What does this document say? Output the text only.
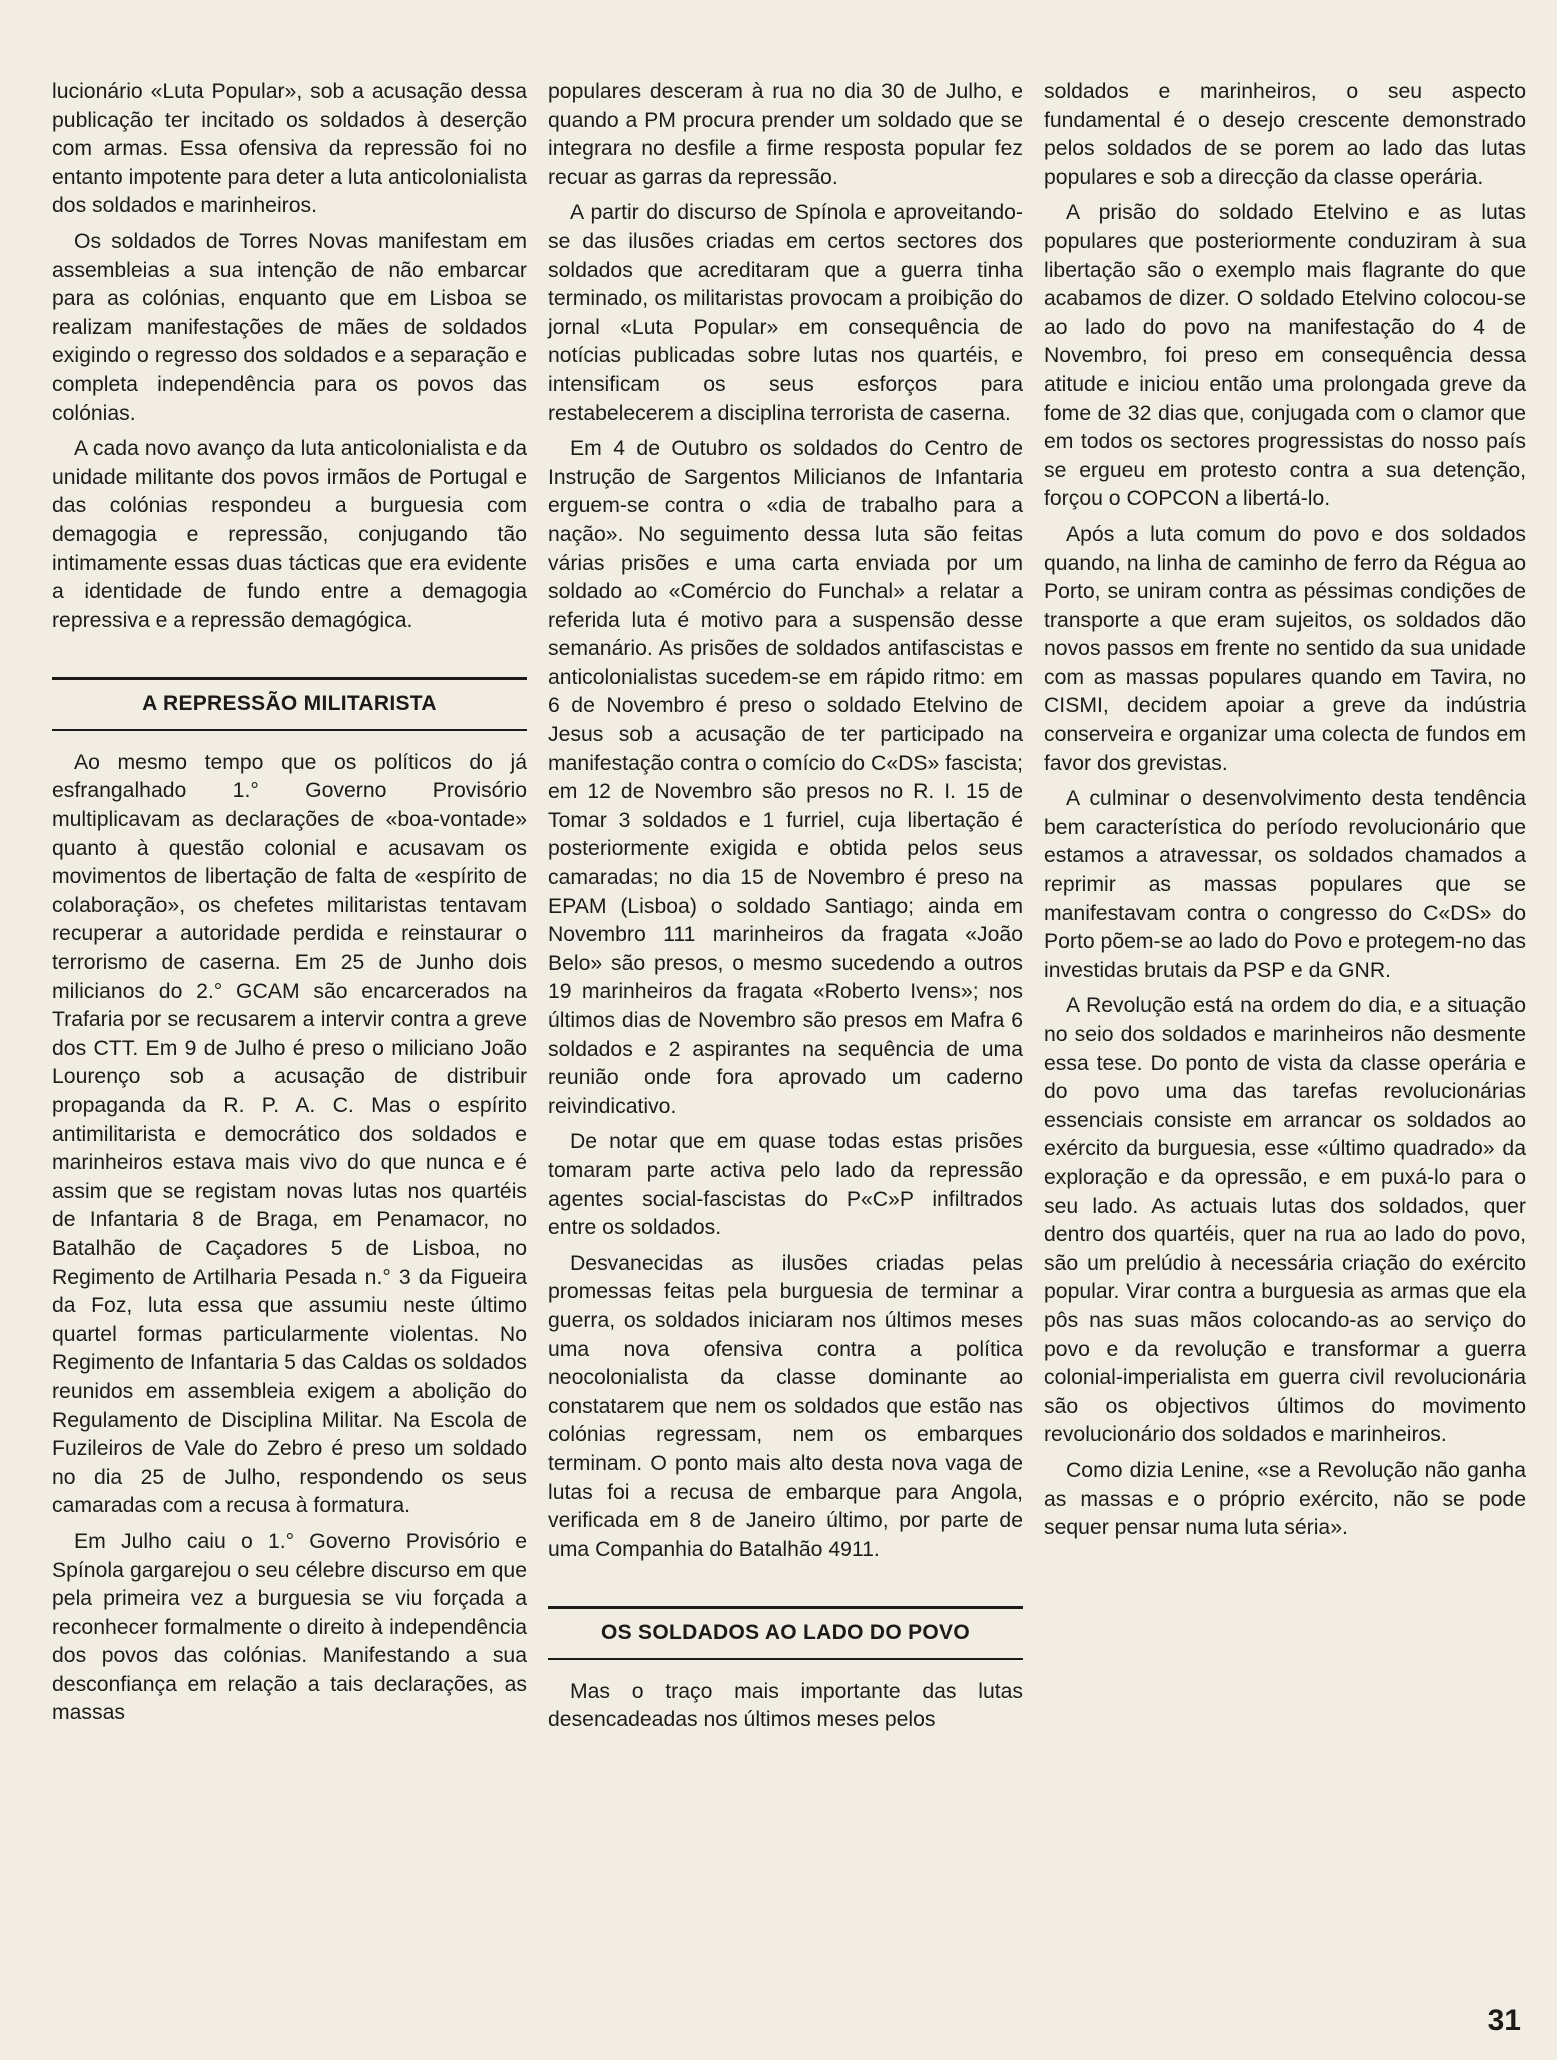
lucionário «Luta Popular», sob a acusação dessa publicação ter incitado os soldados à deserção com armas. Essa ofensiva da repressão foi no entanto impotente para deter a luta anticolonialista dos soldados e marinheiros.

Os soldados de Torres Novas manifestam em assembleias a sua intenção de não embarcar para as colónias, enquanto que em Lisboa se realizam manifestações de mães de soldados exigindo o regresso dos soldados e a separação e completa independência para os povos das colónias.

A cada novo avanço da luta anticolonialista e da unidade militante dos povos irmãos de Portugal e das colónias respondeu a burguesia com demagogia e repressão, conjugando tão intimamente essas duas tácticas que era evidente a identidade de fundo entre a demagogia repressiva e a repressão demagógica.

A REPRESSÃO MILITARISTA

Ao mesmo tempo que os políticos do já esfrangalhado 1.° Governo Provisório multiplicavam as declarações de «boa-vontade» quanto à questão colonial e acusavam os movimentos de libertação de falta de «espírito de colaboração», os chefetes militaristas tentavam recuperar a autoridade perdida e reinstaurar o terrorismo de caserna. Em 25 de Junho dois milicianos do 2.° GCAM são encarcerados na Trafaria por se recusarem a intervir contra a greve dos CTT. Em 9 de Julho é preso o miliciano João Lourenço sob a acusação de distribuir propaganda da R. P. A. C. Mas o espírito antimilitarista e democrático dos soldados e marinheiros estava mais vivo do que nunca e é assim que se registam novas lutas nos quartéis de Infantaria 8 de Braga, em Penamacor, no Batalhão de Caçadores 5 de Lisboa, no Regimento de Artilharia Pesada n.° 3 da Figueira da Foz, luta essa que assumiu neste último quartel formas particularmente violentas. No Regimento de Infantaria 5 das Caldas os soldados reunidos em assembleia exigem a abolição do Regulamento de Disciplina Militar. Na Escola de Fuzileiros de Vale do Zebro é preso um soldado no dia 25 de Julho, respondendo os seus camaradas com a recusa à formatura.

Em Julho caiu o 1.° Governo Provisório e Spínola gargarejou o seu célebre discurso em que pela primeira vez a burguesia se viu forçada a reconhecer formalmente o direito à independência dos povos das colónias. Manifestando a sua desconfiança em relação a tais declarações, as massas

populares desceram à rua no dia 30 de Julho, e quando a PM procura prender um soldado que se integrara no desfile a firme resposta popular fez recuar as garras da repressão.

A partir do discurso de Spínola e aproveitando-se das ilusões criadas em certos sectores dos soldados que acreditaram que a guerra tinha terminado, os militaristas provocam a proibição do jornal «Luta Popular» em consequência de notícias publicadas sobre lutas nos quartéis, e intensificam os seus esforços para restabelecerem a disciplina terrorista de caserna.

Em 4 de Outubro os soldados do Centro de Instrução de Sargentos Milicianos de Infantaria erguem-se contra o «dia de trabalho para a nação». No seguimento dessa luta são feitas várias prisões e uma carta enviada por um soldado ao «Comércio do Funchal» a relatar a referida luta é motivo para a suspensão desse semanário. As prisões de soldados antifascistas e anticolonialistas sucedem-se em rápido ritmo: em 6 de Novembro é preso o soldado Etelvino de Jesus sob a acusação de ter participado na manifestação contra o comício do C«DS» fascista; em 12 de Novembro são presos no R. I. 15 de Tomar 3 soldados e 1 furriel, cuja libertação é posteriormente exigida e obtida pelos seus camaradas; no dia 15 de Novembro é preso na EPAM (Lisboa) o soldado Santiago; ainda em Novembro 111 marinheiros da fragata «João Belo» são presos, o mesmo sucedendo a outros 19 marinheiros da fragata «Roberto Ivens»; nos últimos dias de Novembro são presos em Mafra 6 soldados e 2 aspirantes na sequência de uma reunião onde fora aprovado um caderno reivindicativo.

De notar que em quase todas estas prisões tomaram parte activa pelo lado da repressão agentes social-fascistas do P«C»P infiltrados entre os soldados.

Desvanecidas as ilusões criadas pelas promessas feitas pela burguesia de terminar a guerra, os soldados iniciaram nos últimos meses uma nova ofensiva contra a política neocolonialista da classe dominante ao constatarem que nem os soldados que estão nas colónias regressam, nem os embarques terminam. O ponto mais alto desta nova vaga de lutas foi a recusa de embarque para Angola, verificada em 8 de Janeiro último, por parte de uma Companhia do Batalhão 4911.

OS SOLDADOS AO LADO DO POVO

Mas o traço mais importante das lutas desencadeadas nos últimos meses pelos

soldados e marinheiros, o seu aspecto fundamental é o desejo crescente demonstrado pelos soldados de se porem ao lado das lutas populares e sob a direcção da classe operária.

A prisão do soldado Etelvino e as lutas populares que posteriormente conduziram à sua libertação são o exemplo mais flagrante do que acabamos de dizer. O soldado Etelvino colocou-se ao lado do povo na manifestação do 4 de Novembro, foi preso em consequência dessa atitude e iniciou então uma prolongada greve da fome de 32 dias que, conjugada com o clamor que em todos os sectores progressistas do nosso país se ergueu em protesto contra a sua detenção, forçou o COPCON a libertá-lo.

Após a luta comum do povo e dos soldados quando, na linha de caminho de ferro da Régua ao Porto, se uniram contra as péssimas condições de transporte a que eram sujeitos, os soldados dão novos passos em frente no sentido da sua unidade com as massas populares quando em Tavira, no CISMI, decidem apoiar a greve da indústria conserveira e organizar uma colecta de fundos em favor dos grevistas.

A culminar o desenvolvimento desta tendência bem característica do período revolucionário que estamos a atravessar, os soldados chamados a reprimir as massas populares que se manifestavam contra o congresso do C«DS» do Porto põem-se ao lado do Povo e protegem-no das investidas brutais da PSP e da GNR.

A Revolução está na ordem do dia, e a situação no seio dos soldados e marinheiros não desmente essa tese. Do ponto de vista da classe operária e do povo uma das tarefas revolucionárias essenciais consiste em arrancar os soldados ao exército da burguesia, esse «último quadrado» da exploração e da opressão, e em puxá-lo para o seu lado. As actuais lutas dos soldados, quer dentro dos quartéis, quer na rua ao lado do povo, são um prelúdio à necessária criação do exército popular. Virar contra a burguesia as armas que ela pôs nas suas mãos colocando-as ao serviço do povo e da revolução e transformar a guerra colonial-imperialista em guerra civil revolucionária são os objectivos últimos do movimento revolucionário dos soldados e marinheiros.

Como dizia Lenine, «se a Revolução não ganha as massas e o próprio exército, não se pode sequer pensar numa luta séria».

31
